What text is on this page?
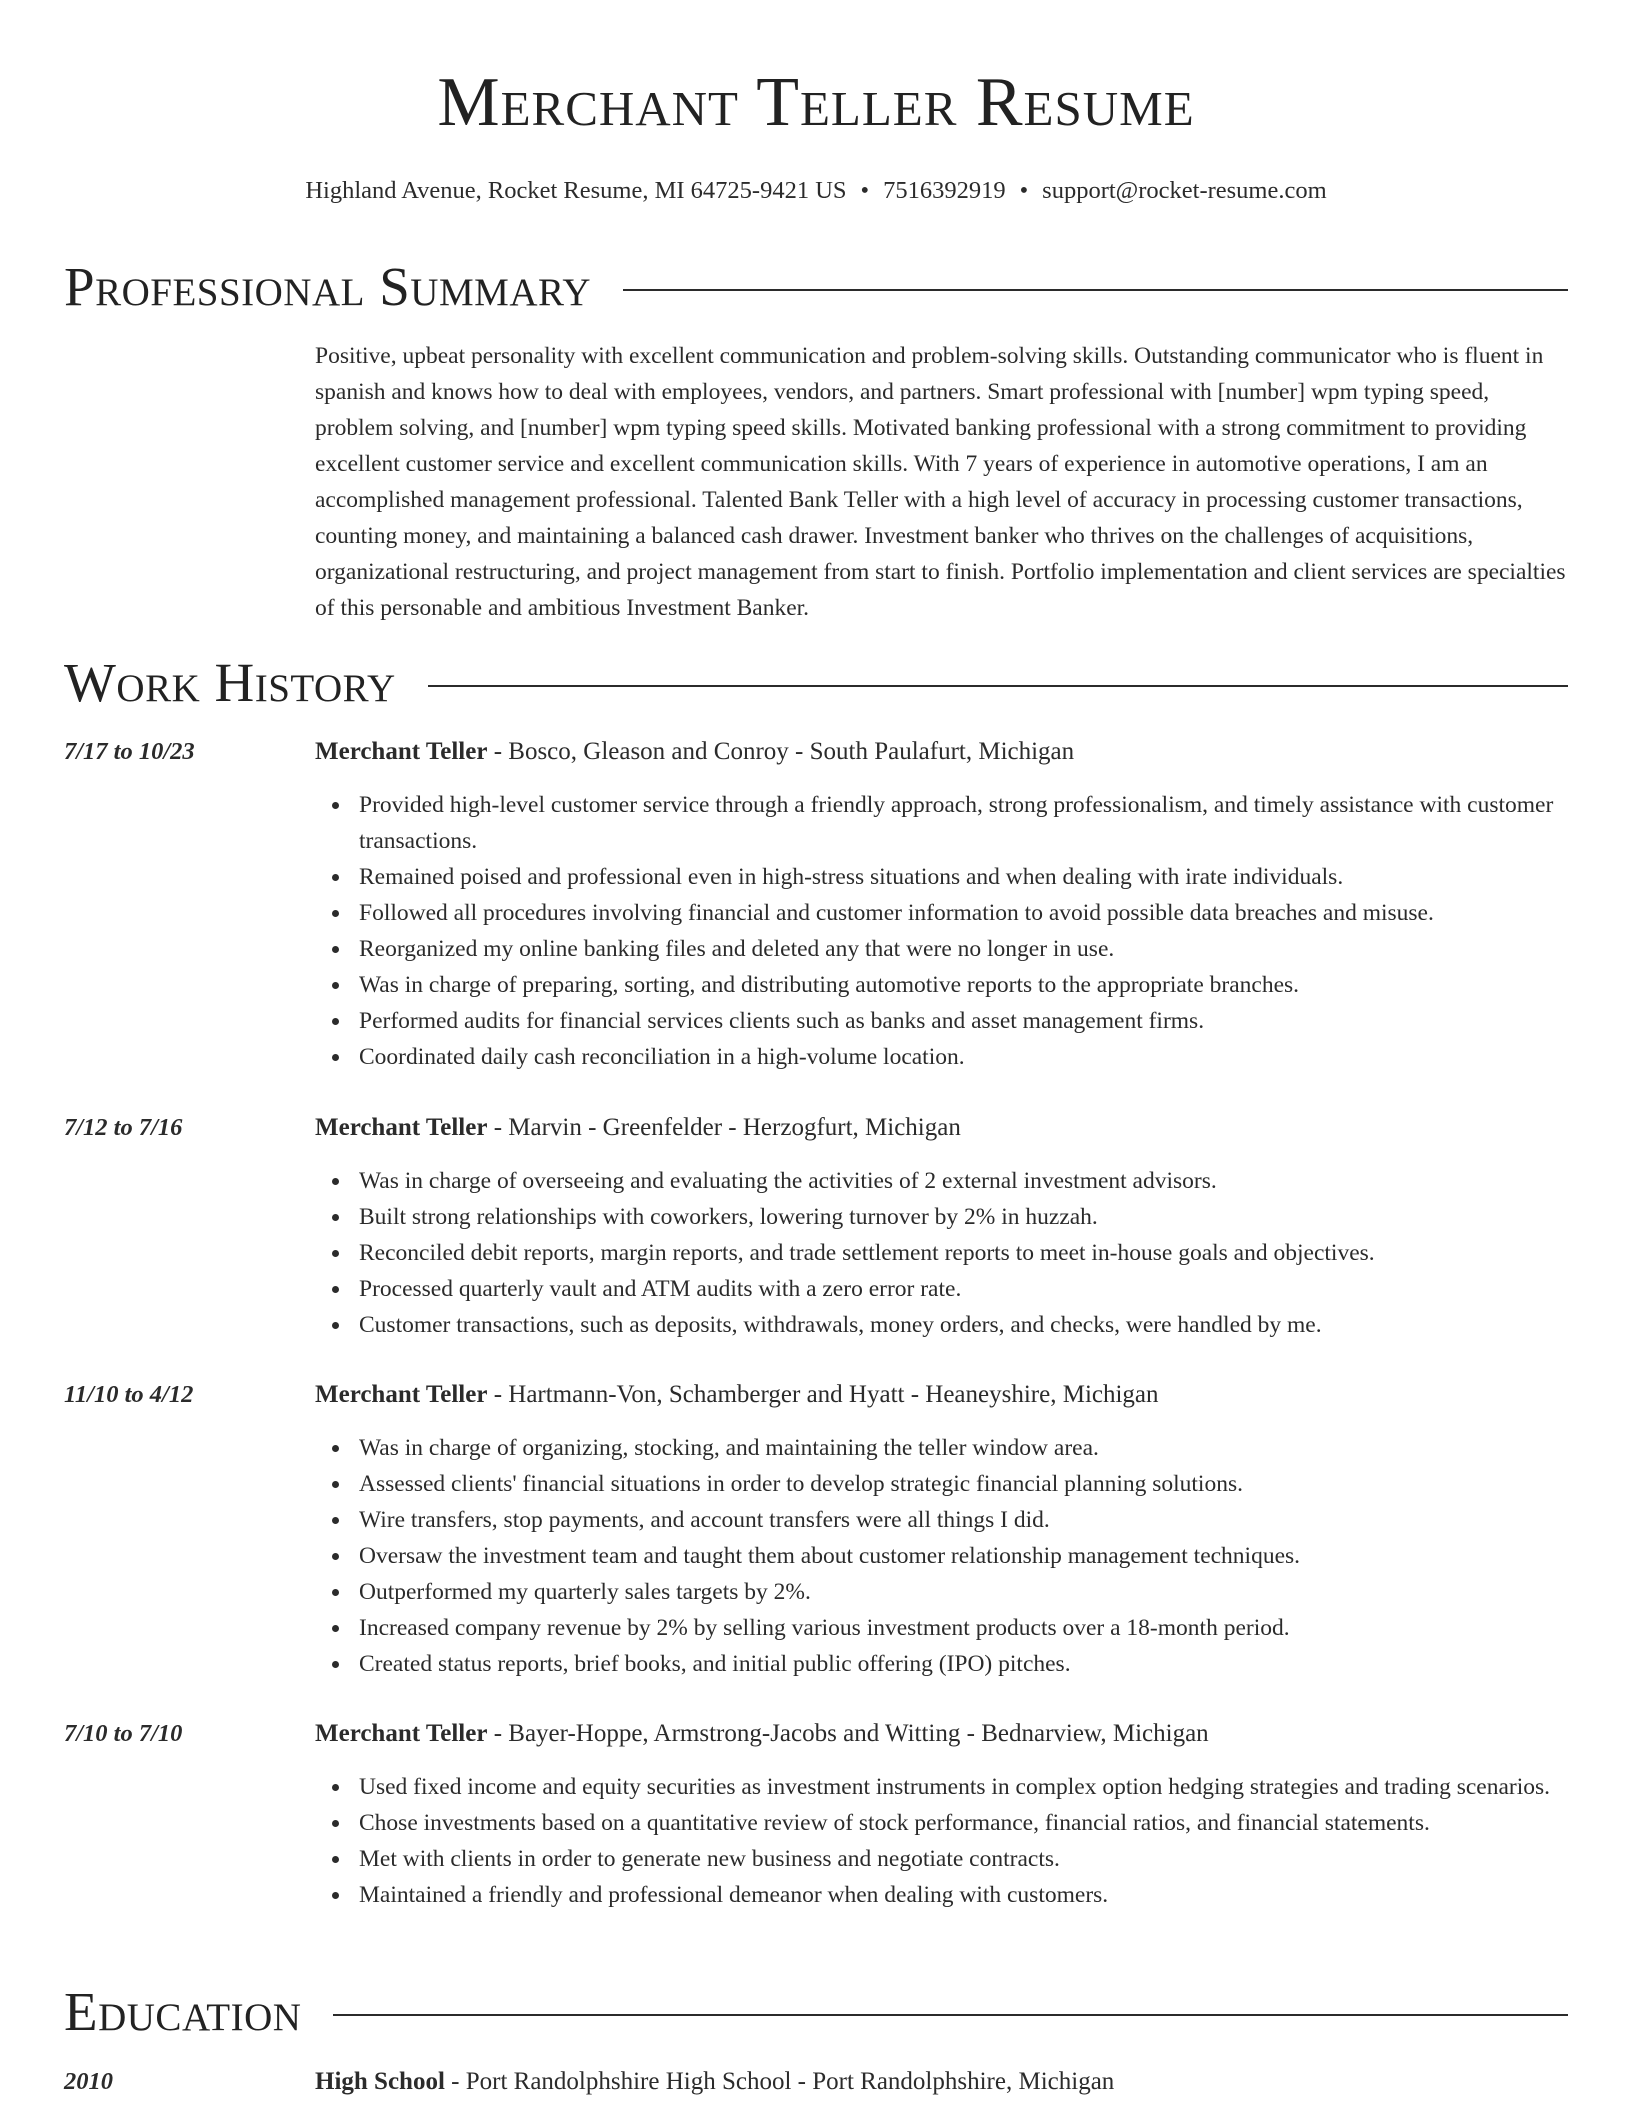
Merchant Teller Resume
Highland Avenue, Rocket Resume, MI 64725-9421 US • 7516392919 • support@rocket-resume.com
Professional Summary

Positive, upbeat personality with excellent communication and problem-solving skills. Outstanding communicator who is fluent in spanish and knows how to deal with employees, vendors, and partners. Smart professional with [number] wpm typing speed, problem solving, and [number] wpm typing speed skills. Motivated banking professional with a strong commitment to providing excellent customer service and excellent communication skills. With 7 years of experience in automotive operations, I am an accomplished management professional. Talented Bank Teller with a high level of accuracy in processing customer transactions, counting money, and maintaining a balanced cash drawer. Investment banker who thrives on the challenges of acquisitions, organizational restructuring, and project management from start to finish. Portfolio implementation and client services are specialties of this personable and ambitious Investment Banker.

Work History
7/17 to 10/23	Merchant Teller - Bosco, Gleason and Conroy - South Paulafurt, Michigan
Provided high-level customer service through a friendly approach, strong professionalism, and timely assistance with customer transactions.
Remained poised and professional even in high-stress situations and when dealing with irate individuals.
Followed all procedures involving financial and customer information to avoid possible data breaches and misuse.
Reorganized my online banking files and deleted any that were no longer in use.
Was in charge of preparing, sorting, and distributing automotive reports to the appropriate branches.
Performed audits for financial services clients such as banks and asset management firms.
Coordinated daily cash reconciliation in a high-volume location.
7/12 to 7/16	Merchant Teller - Marvin - Greenfelder - Herzogfurt, Michigan
Was in charge of overseeing and evaluating the activities of 2 external investment advisors.
Built strong relationships with coworkers, lowering turnover by 2% in huzzah.
Reconciled debit reports, margin reports, and trade settlement reports to meet in-house goals and objectives.
Processed quarterly vault and ATM audits with a zero error rate.
Customer transactions, such as deposits, withdrawals, money orders, and checks, were handled by me.
11/10 to 4/12	Merchant Teller - Hartmann-Von, Schamberger and Hyatt - Heaneyshire, Michigan
Was in charge of organizing, stocking, and maintaining the teller window area.
Assessed clients' financial situations in order to develop strategic financial planning solutions.
Wire transfers, stop payments, and account transfers were all things I did.
Oversaw the investment team and taught them about customer relationship management techniques.
Outperformed my quarterly sales targets by 2%.
Increased company revenue by 2% by selling various investment products over a 18-month period.
Created status reports, brief books, and initial public offering (IPO) pitches.
7/10 to 7/10	Merchant Teller - Bayer-Hoppe, Armstrong-Jacobs and Witting - Bednarview, Michigan
Used fixed income and equity securities as investment instruments in complex option hedging strategies and trading scenarios.
Chose investments based on a quantitative review of stock performance, financial ratios, and financial statements.
Met with clients in order to generate new business and negotiate contracts.
Maintained a friendly and professional demeanor when dealing with customers.
Education
2010	High School - Port Randolphshire High School - Port Randolphshire, Michigan
